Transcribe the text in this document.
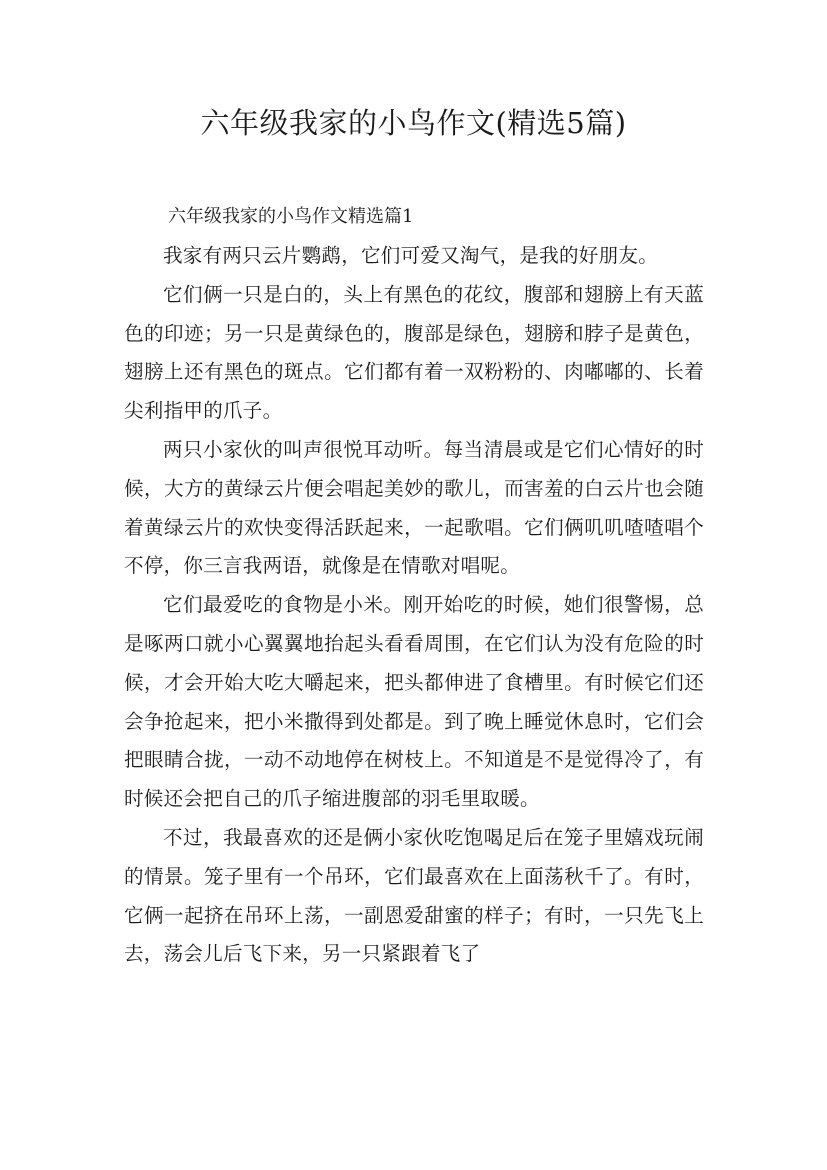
六年级我家的小鸟作文(精选5篇)

六年级我家的小鸟作文精选篇1

我家有两只云片鹦鹉，它们可爱又淘气，是我的好朋友。

它们俩一只是白的，头上有黑色的花纹，腹部和翅膀上有天蓝色的印迹；另一只是黄绿色的，腹部是绿色，翅膀和脖子是黄色，翅膀上还有黑色的斑点。它们都有着一双粉粉的、肉嘟嘟的、长着尖利指甲的爪子。

两只小家伙的叫声很悦耳动听。每当清晨或是它们心情好的时候，大方的黄绿云片便会唱起美妙的歌儿，而害羞的白云片也会随着黄绿云片的欢快变得活跃起来，一起歌唱。它们俩叽叽喳喳唱个不停，你三言我两语，就像是在情歌对唱呢。

它们最爱吃的食物是小米。刚开始吃的时候，她们很警惕，总是啄两口就小心翼翼地抬起头看看周围，在它们认为没有危险的时候，才会开始大吃大嚼起来，把头都伸进了食槽里。有时候它们还会争抢起来，把小米撒得到处都是。到了晚上睡觉休息时，它们会把眼睛合拢，一动不动地停在树枝上。不知道是不是觉得冷了，有时候还会把自己的爪子缩进腹部的羽毛里取暖。

不过，我最喜欢的还是俩小家伙吃饱喝足后在笼子里嬉戏玩闹的情景。笼子里有一个吊环，它们最喜欢在上面荡秋千了。有时，它俩一起挤在吊环上荡，一副恩爱甜蜜的样子；有时，一只先飞上去，荡会儿后飞下来，另一只紧跟着飞了
